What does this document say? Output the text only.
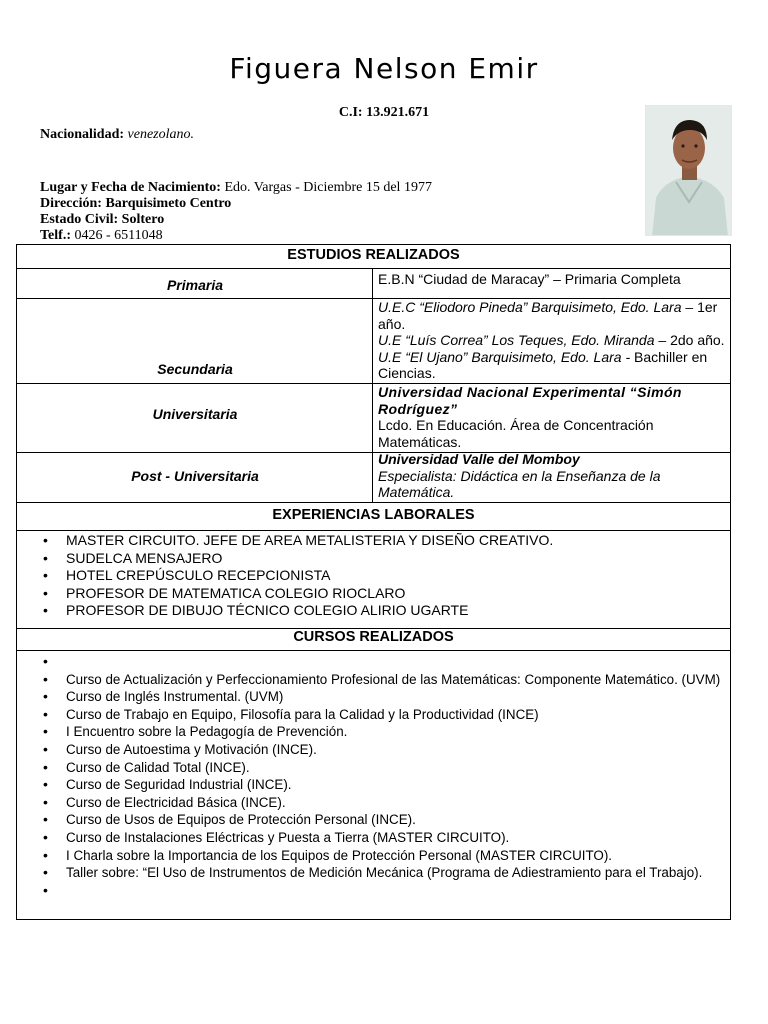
Figuera Nelson Emir
C.I: 13.921.671
Nacionalidad: venezolano.
Lugar y Fecha de Nacimiento: Edo. Vargas - Diciembre 15 del 1977
Dirección: Barquisimeto Centro
Estado Civil: Soltero
Telf.: 0426 - 6511048
ESTUDIOS REALIZADOS
Primaria	E.B.N “Ciudad de Maracay” – Primaria Completa
Secundaria
U.E.C “Eliodoro Pineda” Barquisimeto, Edo. Lara – 1er año.
U.E “Luís Correa” Los Teques, Edo. Miranda – 2do año.
U.E “El Ujano” Barquisimeto, Edo. Lara - Bachiller en Ciencias.
Universitaria
Universidad Nacional Experimental “Simón Rodríguez”
Lcdo. En Educación. Área de Concentración Matemáticas.
Post - Universitaria
Universidad Valle del Momboy
Especialista: Didáctica en la Enseñanza de la Matemática.
EXPERIENCIAS LABORALES
• MASTER CIRCUITO. JEFE DE AREA METALISTERIA Y DISEÑO CREATIVO.
• SUDELCA MENSAJERO
• HOTEL CREPÚSCULO RECEPCIONISTA
• PROFESOR DE MATEMATICA COLEGIO RIOCLARO
• PROFESOR DE DIBUJO TÉCNICO COLEGIO ALIRIO UGARTE
CURSOS REALIZADOS
•
• Curso de Actualización y Perfeccionamiento Profesional de las Matemáticas: Componente Matemático. (UVM)
• Curso de Inglés Instrumental. (UVM)
• Curso de Trabajo en Equipo, Filosofía para la Calidad y la Productividad (INCE)
• I Encuentro sobre la Pedagogía de Prevención.
• Curso de Autoestima y Motivación (INCE).
• Curso de Calidad Total (INCE).
• Curso de Seguridad Industrial (INCE).
• Curso de Electricidad Básica (INCE).
• Curso de Usos de Equipos de Protección Personal (INCE).
• Curso de Instalaciones Eléctricas y Puesta a Tierra (MASTER CIRCUITO).
• I Charla sobre la Importancia de los Equipos de Protección Personal (MASTER CIRCUITO).
• Taller sobre: “El Uso de Instrumentos de Medición Mecánica (Programa de Adiestramiento para el Trabajo).
•
